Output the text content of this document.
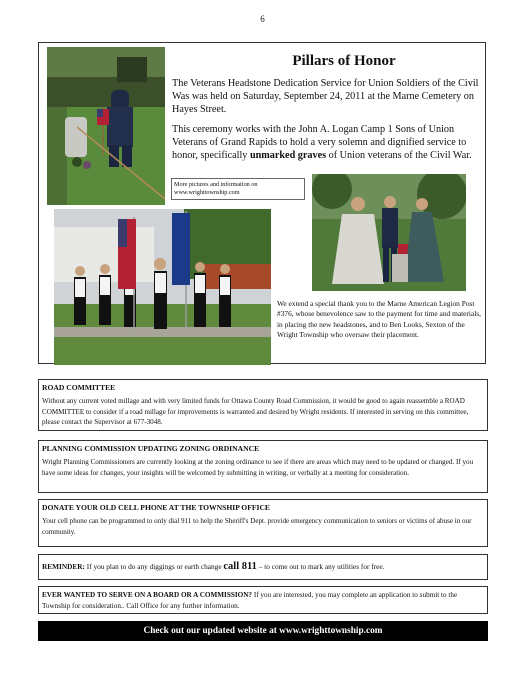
6
Pillars of Honor
The Veterans Headstone Dedication Service for Union Soldiers of the Civil Was was held on Saturday, September 24, 2011 at the Marne Cemetery on Hayes Street.
This ceremony works with the John A. Logan Camp 1 Sons of Union Veterans of Grand Rapids to hold a very solemn and dignified service to honor, specifically unmarked graves of Union veterans of the Civil War.
More pictures and information on
www.wrighttownship.com
We extend a special thank you to the Marne American Legion Post #376, whose benevolence saw to the payment for time and materials, in placing the new headstones, and to Ben Looks, Sexton of the Wright Township who oversaw their placement.
ROAD COMMITTEE

Without any current voted millage and with very limited funds for Ottawa County Road Commission, it would be good to again reassemble a ROAD COMMITTEE to consider if a road millage for improvements is warranted and desired by Wright residents. If interested in serving on this committee, please contact the Supervisor at 677-3048.

PLANNING COMMISSION UPDATING ZONING ORDINANCE

Wright Planning Commissioners are currently looking at the zoning ordinance to see if there are areas which may need to be updated or changed. If you have some ideas for changes, your insights will be welcomed by submitting in writing, or verbally at a meeting for consideration.

DONATE YOUR OLD CELL PHONE AT THE TOWNSHIP OFFICE

Your cell phone can be programmed to only dial 911 to help the Sheriff's Dept. provide emergency communication to seniors or victims of abuse in our community.

REMINDER: If you plan to do any diggings or earth change call 811 – to come out to mark any utilities for free.

EVER WANTED TO SERVE ON A BOARD OR A COMMISSION? If you are interested, you may complete an application to submit to the Township for consideration.. Call Office for any further information.

Check out our updated website at www.wrighttownship.com
